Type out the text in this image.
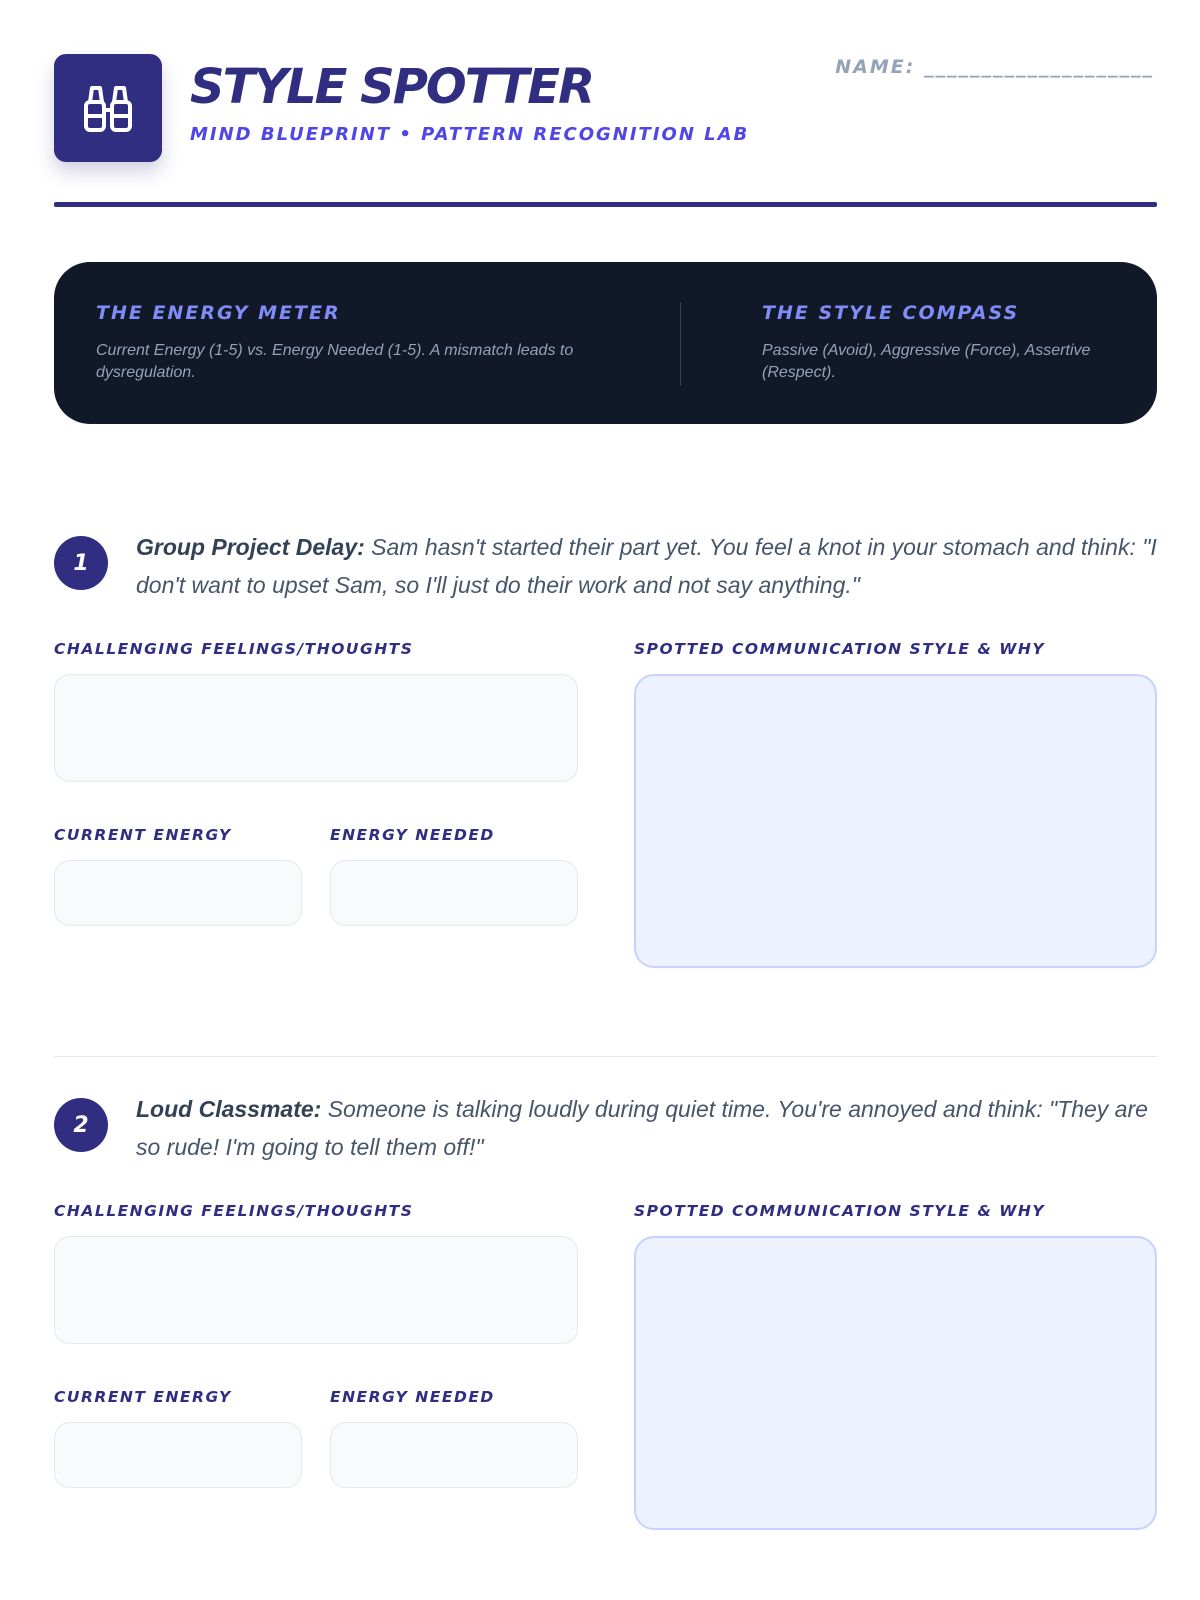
STYLE SPOTTER
MIND BLUEPRINT • PATTERN RECOGNITION LAB
NAME: ____________________

THE ENERGY METER

Current Energy (1-5) vs. Energy Needed (1-5). A mismatch leads to dysregulation.

THE STYLE COMPASS

Passive (Avoid), Aggressive (Force), Assertive (Respect).

1

Group Project Delay: Sam hasn't started their part yet. You feel a knot in your stomach and think: "I don't want to upset Sam, so I'll just do their work and not say anything."

CHALLENGING FEELINGS/THOUGHTS
CURRENT ENERGY	ENERGY NEEDED
SPOTTED COMMUNICATION STYLE & WHY
2

Loud Classmate: Someone is talking loudly during quiet time. You're annoyed and think: "They are so rude! I'm going to tell them off!"

CHALLENGING FEELINGS/THOUGHTS
CURRENT ENERGY	ENERGY NEEDED
SPOTTED COMMUNICATION STYLE & WHY
